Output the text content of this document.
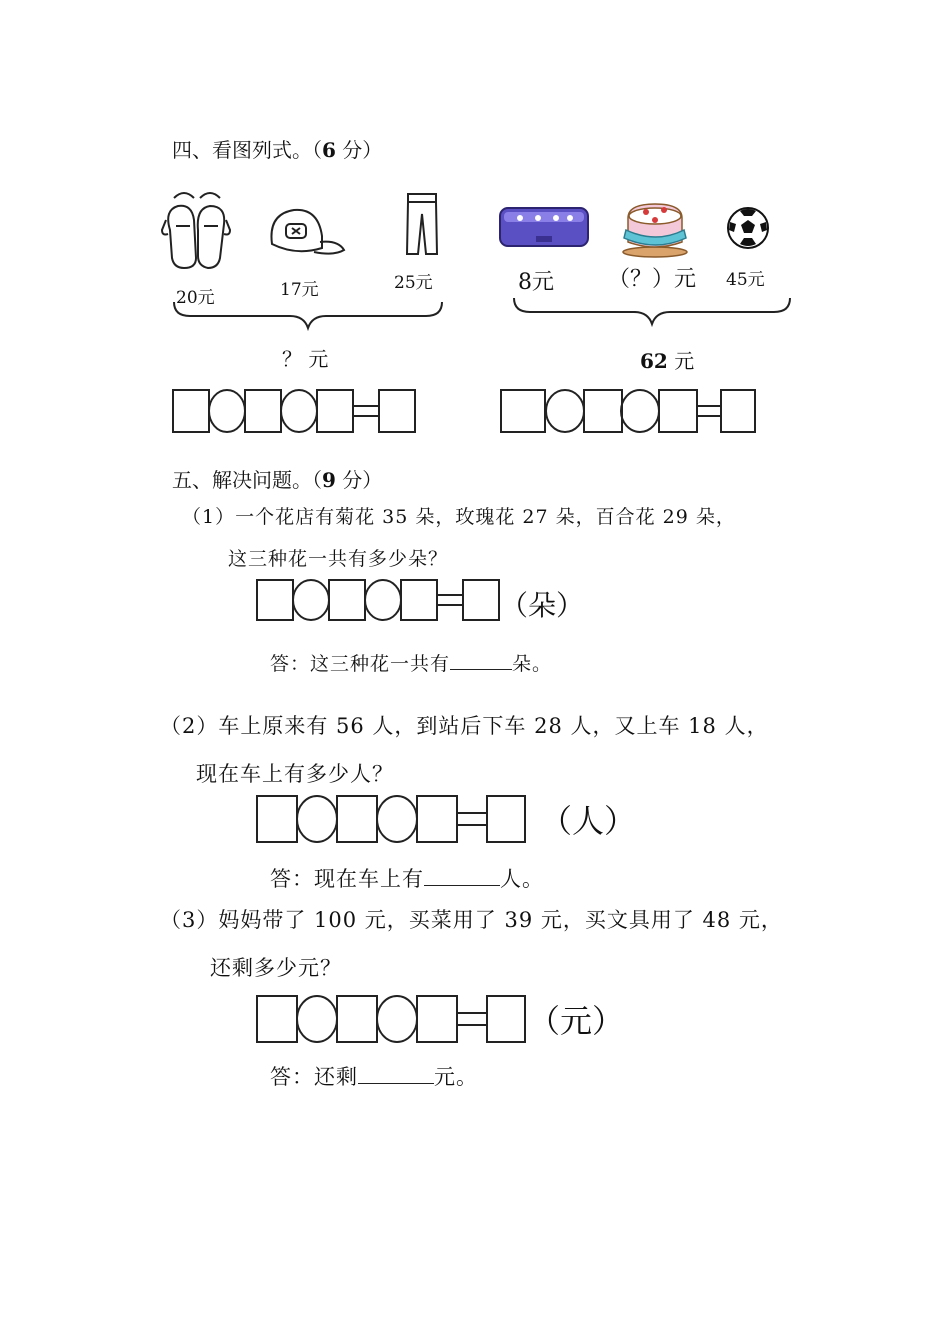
四、看图列式。（6 分）
20元	17元	25元
？ 元
8元 （？）元 45元
62 元
五、解决问题。（9 分）
（1）一个花店有菊花 35 朵，玫瑰花 27 朵，百合花 29 朵，
这三种花一共有多少朵？
（朵）
答：这三种花一共有	朵。
（2）车上原来有 56 人，到站后下车 28 人，又上车 18 人，
现在车上有多少人？
（人）
答：现在车上有	人。
（3）妈妈带了 100 元，买菜用了 39 元，买文具用了 48 元，
还剩多少元？
（元）
答：还剩	元。
